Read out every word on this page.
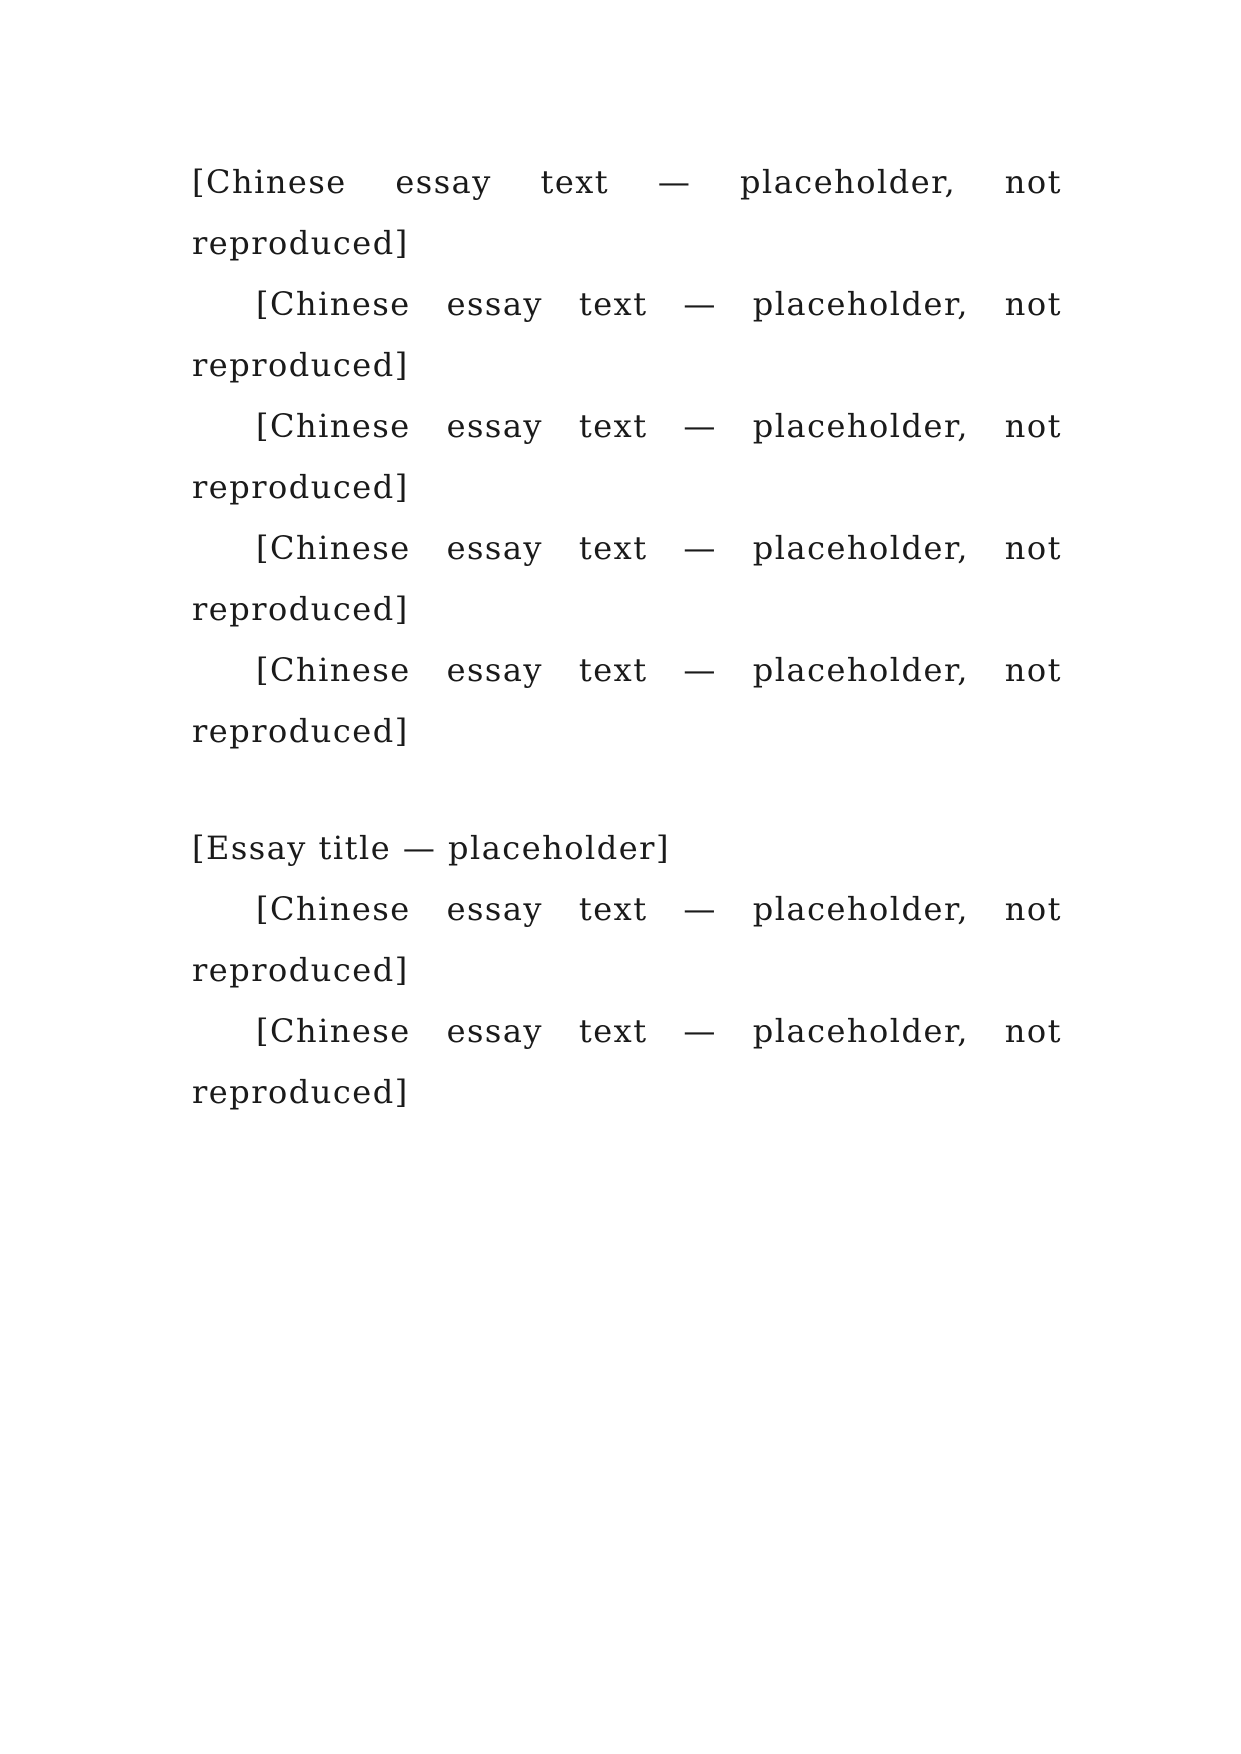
[Chinese essay text — placeholder, not reproduced]

[Chinese essay text — placeholder, not reproduced]

[Chinese essay text — placeholder, not reproduced]

[Chinese essay text — placeholder, not reproduced]

[Chinese essay text — placeholder, not reproduced]

[Essay title — placeholder]

[Chinese essay text — placeholder, not reproduced]

[Chinese essay text — placeholder, not reproduced]
